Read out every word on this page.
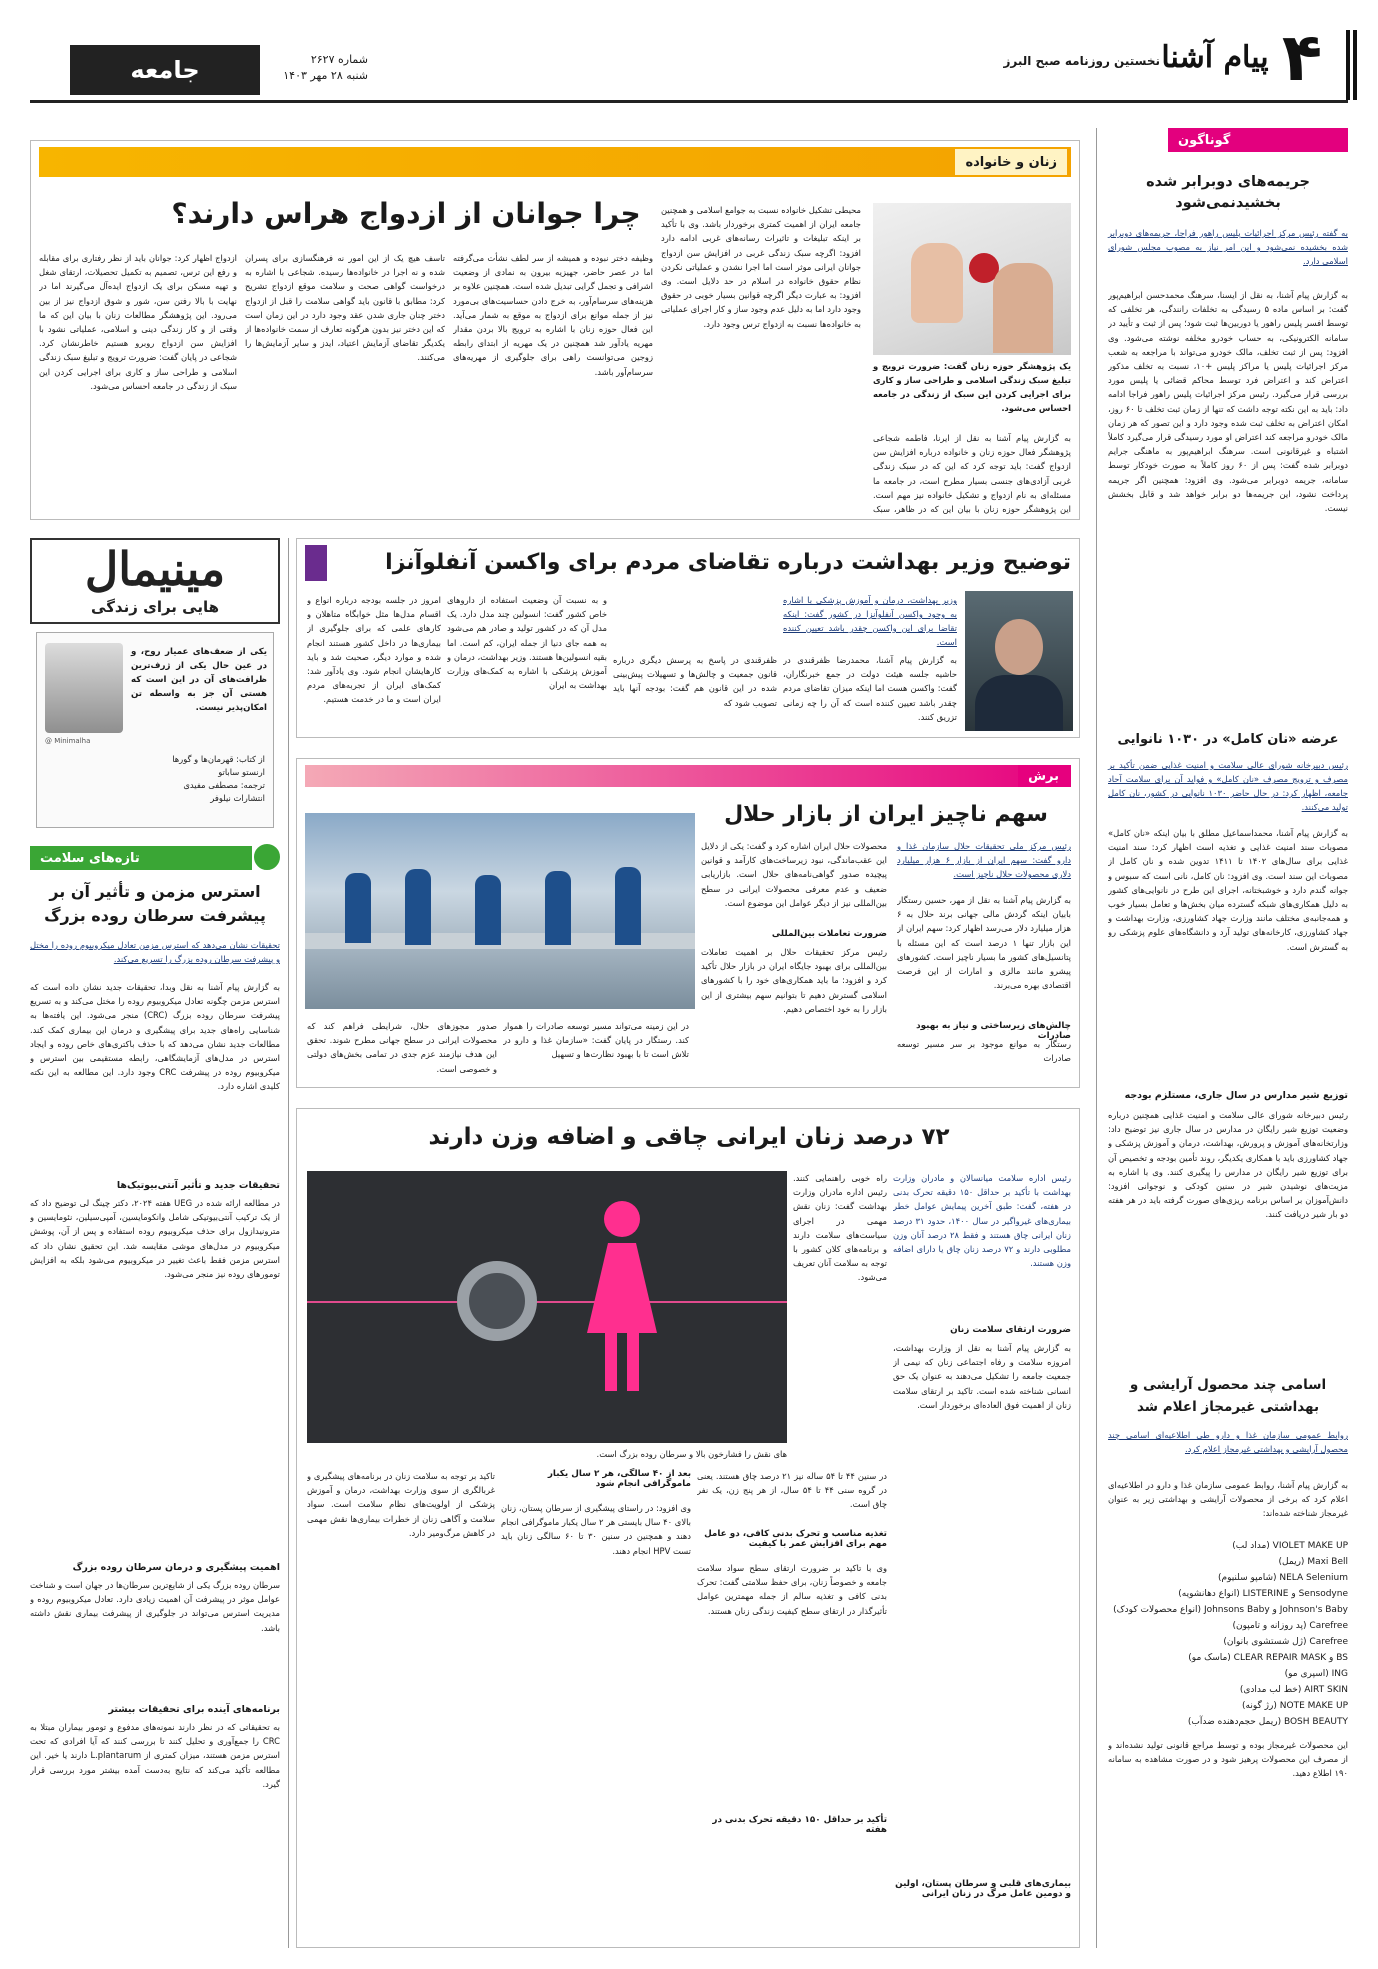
۴
پیام آشنا
نخستین روزنامه صبح البرز
شماره ۲۶۲۷
شنبه ۲۸ مهر ۱۴۰۳
جامعه
گوناگون
جریمه‌های دوبرابر شده بخشیدنمی‌شود
به گفته رئیس مرکز اجرائیات پلیس راهور فراجا، جریمه‌های دوبرابر شده بخشیده نمی‌شود و این امر نیاز به مصوب مجلس شورای اسلامی دارد.
به گزارش پیام آشنا، به نقل از ایسنا، سرهنگ محمدحسن ابراهیم‌پور گفت: بر اساس ماده ۵ رسیدگی به تخلفات رانندگی، هر تخلفی که توسط افسر پلیس راهور یا دوربین‌ها ثبت شود؛ پس از ثبت و تأیید در سامانه الکترونیکی، به حساب خودرو مخلفه نوشته می‌شود. وی افزود: پس از ثبت تخلف، مالک خودرو می‌تواند با مراجعه به شعب مرکز اجرائیات پلیس یا مراکز پلیس +۱۰، نسبت به تخلف مذکور اعتراض کند و اعتراض فرد توسط محاکم قضائی یا پلیس مورد بررسی قرار می‌گیرد. رئیس مرکز اجرائیات پلیس راهور فراجا ادامه داد: باید به این نکته توجه داشت که تنها از زمان ثبت تخلف تا ۶۰ روز، امکان اعتراض به تخلف ثبت شده وجود دارد و این تصور که هر زمان مالک خودرو مراجعه کند اعتراض او مورد رسیدگی قرار می‌گیرد کاملاً اشتباه و غیرقانونی است. سرهنگ ابراهیم‌پور به ماهنگی جرایم دوبرابر شده گفت: پس از ۶۰ روز کاملاً به صورت خودکار توسط سامانه، جریمه دوبرابر می‌شود. وی افزود: همچنین اگر جریمه پرداخت نشود، این جریمه‌ها دو برابر خواهد شد و قابل بخشش نیست.
عرضه «نان کامل» در ۱۰۳۰ نانوایی
رئیس دبیرخانه شورای عالی سلامت و امنیت غذایی ضمن تأکید بر مصرف و ترویج مصرف «نان کامل» و فواید آن برای سلامت آحاد جامعه، اظهار کرد: در حال حاضر ۱۰۳۰ نانوایی در کشور، نان کامل تولید می‌کنند.
به گزارش پیام آشنا، محمداسماعیل مطلق با بیان اینکه «نان کامل» مصوبات سند امنیت غذایی و تغذیه است اظهار کرد: سند امنیت غذایی برای سال‌های ۱۴۰۲ تا ۱۴۱۱ تدوین شده و نان کامل از مصوبات این سند است. وی افزود: نان کامل، نانی است که سبوس و جوانه گندم دارد و خوشبختانه، اجرای این طرح در نانوایی‌های کشور به دلیل همکاری‌های شبکه گسترده میان بخش‌ها و تعامل بسیار خوب و همه‌جانبه‌ی مختلف مانند وزارت جهاد کشاورزی، وزارت بهداشت و جهاد کشاورزی، کارخانه‌های تولید آرد و دانشگاه‌های علوم پزشکی رو به گسترش است.
توزیع شیر مدارس در سال جاری، مستلزم بودجه
رئیس دبیرخانه شورای عالی سلامت و امنیت غذایی همچنین درباره وضعیت توزیع شیر رایگان در مدارس در سال جاری نیز توضیح داد: وزارتخانه‌های آموزش و پرورش، بهداشت، درمان و آموزش پزشکی و جهاد کشاورزی باید با همکاری یکدیگر، روند تأمین بودجه و تخصیص آن برای توزیع شیر رایگان در مدارس را پیگیری کنند. وی با اشاره به مزیت‌های نوشیدن شیر در سنین کودکی و نوجوانی افزود: دانش‌آموزان بر اساس برنامه ریزی‌های صورت گرفته باید در هر هفته دو بار شیر دریافت کنند.
اسامی چند محصول آرایشی و بهداشتی غیرمجاز اعلام شد
روابط عمومی سازمان غذا و دارو طی اطلاعیه‌ای اسامی چند محصول آرایشی و بهداشتی غیرمجاز اعلام کرد.
به گزارش پیام آشنا، روابط عمومی سازمان غذا و دارو در اطلاعیه‌ای اعلام کرد که برخی از محصولات آرایشی و بهداشتی زیر به عنوان غیرمجاز شناخته شده‌اند:
VIOLET MAKE UP (مداد لب)
Maxi Bell (ریمل)
NELA Selenium (شامپو سلنیوم)
Sensodyne و LISTERINE (انواع دهانشویه)
Johnson's Baby و Johnsons Baby (انواع محصولات کودک)
Carefree (پد روزانه و تامپون)
Carefree (ژل شستشوی بانوان)
BS و CLEAR REPAIR MASK (ماسک مو)
ING (اسپری مو)
AIRT SKIN (خط لب مدادی)
NOTE MAKE UP (رژ گونه)
BOSH BEAUTY (ریمل حجم‌دهنده ضدآب)
این محصولات غیرمجاز بوده و توسط مراجع قانونی تولید نشده‌اند و از مصرف این محصولات پرهیز شود و در صورت مشاهده به سامانه ۱۹۰ اطلاع دهید.
زنان و خانواده
چرا جوانان از ازدواج هراس دارند؟
یک پژوهشگر حوزه زنان گفت: ضرورت ترویج و تبلیغ سبک زندگی اسلامی و طراحی ساز و کاری برای اجرایی کردن این سبک از زندگی در جامعه احساس می‌شود.
به گزارش پیام آشنا به نقل از ایرنا، فاطمه شجاعی پژوهشگر فعال حوزه زنان و خانواده درباره افزایش سن ازدواج گفت: باید توجه کرد که این که در سبک زندگی غربی آزادی‌های جنسی بسیار مطرح است، در جامعه ما مسئله‌ای به نام ازدواج و تشکیل خانواده نیز مهم است. این پژوهشگر حوزه زنان با بیان این که در ظاهر، سبک
محیطی تشکیل خانواده نسبت به جوامع اسلامی و همچنین جامعه ایران از اهمیت کمتری برخوردار باشد. وی با تأکید بر اینکه تبلیغات و تاثیرات رسانه‌های غربی ادامه دارد افزود: اگرچه سبک زندگی غربی در افزایش سن ازدواج جوانان ایرانی موثر است اما اجرا نشدن و عملیاتی نکردن نظام حقوق خانواده در اسلام در حد دلایل است. وی افزود: به عبارت دیگر اگرچه قوانین بسیار خوبی در حقوق وجود دارد اما به دلیل عدم وجود ساز و کار اجرای عملیاتی به خانواده‌ها نسبت به ازدواج ترس وجود دارد.
وظیفه دختر نبوده و همیشه از سر لطف نشأت می‌گرفته اما در عصر حاضر، جهیزیه بیرون به نمادی از وضعیت اشرافی و تجمل گرایی تبدیل شده است. همچنین علاوه بر هزینه‌های سرسام‌آور، به خرج دادن حساسیت‌های بی‌مورد نیز از جمله موانع برای ازدواج به موقع به شمار می‌آید. این فعال حوزه زنان با اشاره به ترویج بالا بردن مقدار مهریه یادآور شد همچنین در یک مهریه از ابتدای رابطه زوجین می‌توانست راهی برای جلوگیری از مهریه‌های سرسام‌آور باشد.
تاسف هیچ یک از این امور نه فرهنگسازی برای پسران شده و نه اجرا در خانواده‌ها رسیده. شجاعی با اشاره به درخواست گواهی صحت و سلامت موقع ازدواج تشریح کرد: مطابق با قانون باید گواهی سلامت را قبل از ازدواج دختر چنان جاری شدن عقد وجود دارد در این زمان است که این دختر نیز بدون هرگونه تعارف از سمت خانواده‌ها از یکدیگر تقاضای آزمایش اعتیاد، ایدز و سایر آزمایش‌ها را می‌کنند.
ازدواج اظهار کرد: جوانان باید از نظر رفتاری برای مقابله و رفع این ترس، تصمیم به تکمیل تحصیلات، ارتقای شغل و تهیه مسکن برای یک ازدواج ایده‌آل می‌گیرند اما در نهایت با بالا رفتن سن، شور و شوق ازدواج نیز از بین می‌رود. این پژوهشگر مطالعات زنان با بیان این که ما وقتی از و کار زندگی دینی و اسلامی، عملیاتی نشود با افزایش سن ازدواج روبرو هستیم خاطرنشان کرد. شجاعی در پایان گفت: ضرورت ترویج و تبلیغ سبک زندگی اسلامی و طراحی ساز و کاری برای اجرایی کردن این سبک از زندگی در جامعه احساس می‌شود.
مینیمال
هایی برای زندگی
یکی از ضعف‌های عمیار روح، و در عین حال یکی از ژرف‌ترین ظرافت‌های آن در این است که هستی آن جز به واسطه تن امکان‌پذیر نیست.
@ Minimalha
از کتاب: قهرمان‌ها و گورها
ارنستو ساباتو
ترجمه: مصطفی مفیدی
انتشارات نیلوفر
تازه‌های سلامت
استرس مزمن و تأثیر آن بر پیشرفت سرطان روده بزرگ
تحقیقات نشان می‌دهد که استرس مزمن تعادل میکروبیوم روده را مختل و پیشرفت سرطان روده بزرگ را تسریع می‌کند.
به گزارش پیام آشنا به نقل وبدا، تحقیقات جدید نشان داده است که استرس مزمن چگونه تعادل میکروبیوم روده را مختل می‌کند و به تسریع پیشرفت سرطان روده بزرگ (CRC) منجر می‌شود. این یافته‌ها به شناسایی راه‌های جدید برای پیشگیری و درمان این بیماری کمک کند. مطالعات جدید نشان می‌دهد که با حذف باکتری‌های خاص روده و ایجاد استرس در مدل‌های آزمایشگاهی، رابطه مستقیمی بین استرس و میکروبیوم روده در پیشرفت CRC وجود دارد. این مطالعه به این نکته کلیدی اشاره دارد.
تحقیقات جدید و تأثیر آنتی‌بیوتیک‌ها
در مطالعه ارائه شده در UEG هفته ۲۰۲۴، دکتر چینگ لی توضیح داد که از یک ترکیب آنتی‌بیوتیکی شامل وانکومایسین، آمپی‌سیلین، نئومایسین و مترونیدازول برای حذف میکروبیوم روده استفاده و پس از آن، پوشش میکروبیوم در مدل‌های موشی مقایسه شد. این تحقیق نشان داد که استرس مزمن فقط باعث تغییر در میکروبیوم می‌شود بلکه به افزایش تومورهای روده نیز منجر می‌شود.
اهمیت پیشگیری و درمان سرطان روده بزرگ
سرطان روده بزرگ یکی از شایع‌ترین سرطان‌ها در جهان است و شناخت عوامل موثر در پیشرفت آن اهمیت زیادی دارد. تعادل میکروبیوم روده و مدیریت استرس می‌تواند در جلوگیری از پیشرفت بیماری نقش داشته باشد.
برنامه‌های آینده برای تحقیقات بیشتر
به تحقیقاتی که در نظر دارند نمونه‌های مدفوع و تومور بیماران مبتلا به CRC را جمع‌آوری و تحلیل کنند تا بررسی کنند که آیا افرادی که تحت استرس مزمن هستند، میزان کمتری از L.plantarum دارند یا خیر. این مطالعه تأکید می‌کند که نتایج به‌دست آمده بیشتر مورد بررسی قرار گیرد.
توضیح وزیر بهداشت درباره تقاضای مردم برای واکسن آنفلوآنزا
وزیر بهداشت، درمان و آموزش پزشکی با اشاره به وجود واکسن آنفلوآنزا در کشور گفت: اینکه تقاضا برای این واکسن چقدر باشد تعیین کننده است.
به گزارش پیام آشنا، محمدرضا ظفرقندی در حاشیه جلسه هیئت دولت در جمع خبرنگاران، گفت: واکسن هست اما اینکه میزان تقاضای مردم چقدر باشد تعیین کننده است که آن را چه زمانی تزریق کنند.
ظفرقندی در پاسخ به پرسش دیگری درباره قانون جمعیت و چالش‌ها و تسهیلات پیش‌بینی شده در این قانون هم گفت: بودجه آنها باید تصویب شود که
و به نسبت آن وضعیت استفاده از داروهای خاص کشور گفت: انسولین چند مدل دارد. یک مدل آن که در کشور تولید و صادر هم می‌شود به همه جای دنیا از جمله ایران، کم است. اما بقیه انسولین‌ها هستند. وزیر بهداشت، درمان و آموزش پزشکی با اشاره به کمک‌های وزارت بهداشت به ایران
امروز در جلسه بودجه درباره انواع و اقسام مدل‌ها مثل خوابگاه متاهلان و کارهای علمی که برای جلوگیری از بیماری‌ها در داخل کشور هستند انجام شده و موارد دیگر، صحبت شد و باید کارهایشان انجام شود. وی یادآور شد: کمک‌های ایران از تجربه‌های مردم ایران است و ما در خدمت هستیم.
برش
سهم ناچیز ایران از بازار حلال
رئیس مرکز ملی تحقیقات حلال سازمان غذا و دارو گفت: سهم ایران از بازار ۶ هزار میلیارد دلاری محصولات حلال ناچیز است.
به گزارش پیام آشنا به نقل از مهر، حسین رستگار بابیان اینکه گردش مالی جهانی برند حلال به ۶ هزار میلیارد دلار می‌رسد اظهار کرد: سهم ایران از این بازار تنها ۱ درصد است که این مسئله با پتانسیل‌های کشور ما بسیار ناچیز است. کشورهای پیشرو مانند مالزی و امارات از این فرصت اقتصادی بهره می‌برند.
چالش‌های زیرساختی و نیاز به بهبود صادرات
رستگار به موانع موجود بر سر مسیر توسعه صادرات
محصولات حلال ایران اشاره کرد و گفت: یکی از دلایل این عقب‌ماندگی، نبود زیرساخت‌های کارآمد و قوانین پیچیده صدور گواهی‌نامه‌های حلال است. بازاریابی ضعیف و عدم معرفی محصولات ایرانی در سطح بین‌المللی نیز از دیگر عوامل این موضوع است.
ضرورت تعاملات بین‌المللی
رئیس مرکز تحقیقات حلال بر اهمیت تعاملات بین‌المللی برای بهبود جایگاه ایران در بازار حلال تأکید کرد و افزود: ما باید همکاری‌های خود را با کشورهای اسلامی گسترش دهیم تا بتوانیم سهم بیشتری از این بازار را به خود اختصاص دهیم.
در این زمینه می‌تواند مسیر توسعه صادرات را هموار کند. رستگار در پایان گفت: «سازمان غذا و دارو در تلاش است تا با بهبود نظارت‌ها و تسهیل
صدور مجوزهای حلال، شرایطی فراهم کند که محصولات ایرانی در سطح جهانی مطرح شوند. تحقق این هدف نیازمند عزم جدی در تمامی بخش‌های دولتی و خصوصی است.
۷۲ درصد زنان ایرانی چاقی و اضافه وزن دارند
های نقش را فشارخون بالا و سرطان روده بزرگ است.
رئیس اداره سلامت میانسالان و مادران وزارت بهداشت با تأکید بر حداقل ۱۵۰ دقیقه تحرک بدنی در هفته، گفت: طبق آخرین پیمایش عوامل خطر بیماری‌های غیرواگیر در سال ۱۴۰۰، حدود ۳۱ درصد زنان ایرانی چاق هستند و فقط ۲۸ درصد آنان وزن مطلوبی دارند و ۷۲ درصد زنان چاق یا دارای اضافه وزن هستند.
ضرورت ارتقای سلامت زنان
به گزارش پیام آشنا به نقل از وزارت بهداشت، امروزه سلامت و رفاه اجتماعی زنان که نیمی از جمعیت جامعه را تشکیل می‌دهند به عنوان یک حق انسانی شناخته شده است. تاکید بر ارتقای سلامت زنان از اهمیت فوق العاده‌ای برخوردار است.
راه خوبی راهنمایی کنند. رئیس اداره مادران وزارت بهداشت گفت: زنان نقش مهمی در اجرای سیاست‌های سلامت دارند و برنامه‌های کلان کشور با توجه به سلامت آنان تعریف می‌شود.
در سنین ۴۴ تا ۵۴ ساله نیز ۲۱ درصد چاق هستند. یعنی در گروه سنی ۴۴ تا ۵۴ سال، از هر پنج زن، یک نفر چاق است.
تغذیه مناسب و تحرک بدنی کافی، دو عامل مهم برای افزایش عمر با کیفیت
وی با تاکید بر ضرورت ارتقای سطح سواد سلامت جامعه و خصوصاً زنان، برای حفظ سلامتی گفت: تحرک بدنی کافی و تغذیه سالم از جمله مهمترین عوامل تأثیرگذار در ارتقای سطح کیفیت زندگی زنان هستند.
تأکید بر حداقل ۱۵۰ دقیقه تحرک بدنی در هفته
بعد از ۴۰ سالگی، هر ۲ سال یکبار ماموگرافی انجام شود
وی افزود: در راستای پیشگیری از سرطان پستان، زنان بالای ۴۰ سال بایستی هر ۲ سال یکبار ماموگرافی انجام دهند و همچنین در سنین ۳۰ تا ۶۰ سالگی زنان باید تست HPV انجام دهند.
تاکید بر توجه به سلامت زنان در برنامه‌های پیشگیری و غربالگری از سوی وزارت بهداشت، درمان و آموزش پزشکی از اولویت‌های نظام سلامت است. سواد سلامت و آگاهی زنان از خطرات بیماری‌ها نقش مهمی در کاهش مرگ‌ومیر دارد.
بیماری‌های قلبی و سرطان پستان، اولین و دومین عامل مرگ در زنان ایرانی
